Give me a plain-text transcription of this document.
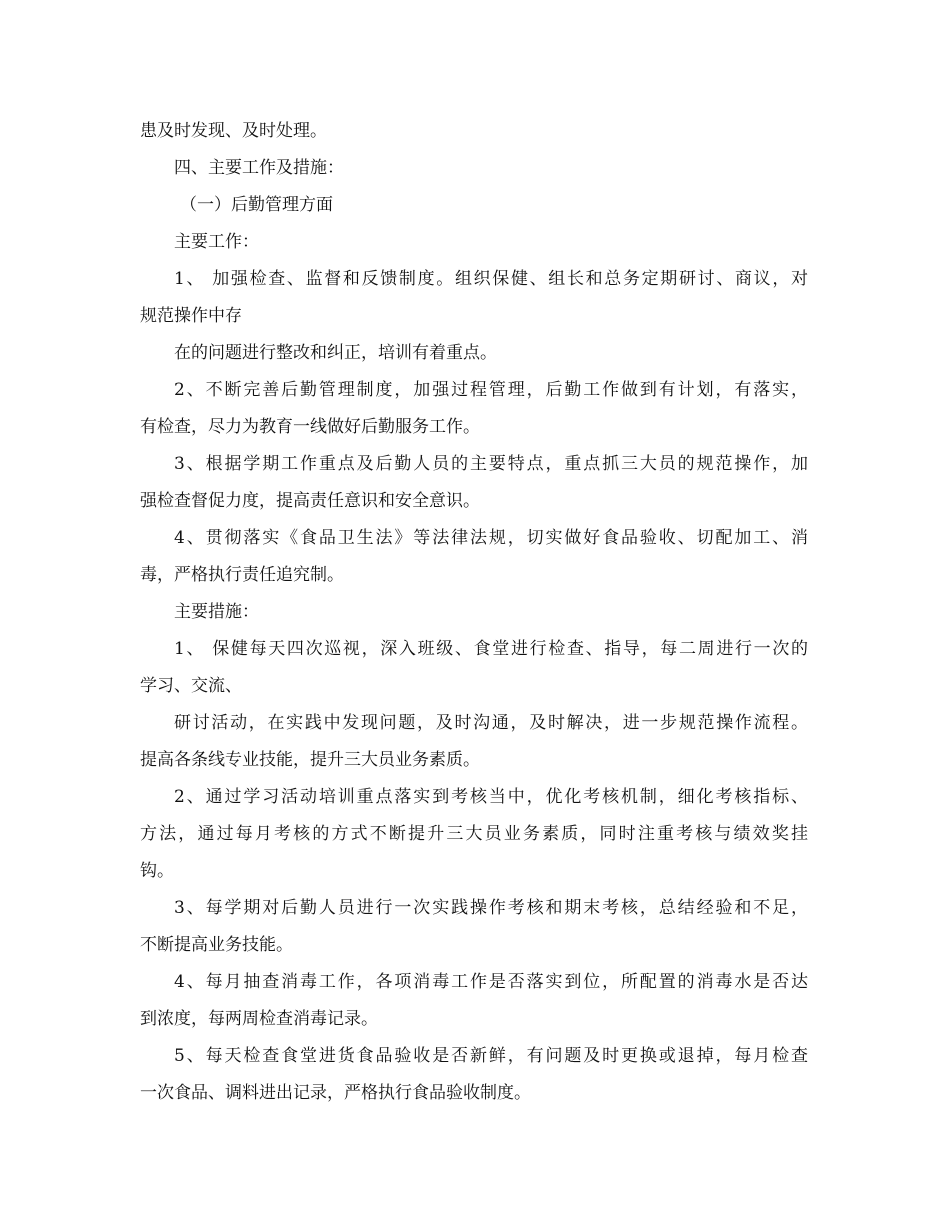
患及时发现、及时处理。
四、主要工作及措施：
（一）后勤管理方面
主要工作：
1、 加强检查、监督和反馈制度。组织保健、组长和总务定期研讨、商议，对
规范操作中存
在的问题进行整改和纠正，培训有着重点。
2、不断完善后勤管理制度，加强过程管理，后勤工作做到有计划，有落实，
有检查，尽力为教育一线做好后勤服务工作。
3、根据学期工作重点及后勤人员的主要特点，重点抓三大员的规范操作，加
强检查督促力度，提高责任意识和安全意识。
4、贯彻落实《食品卫生法》等法律法规，切实做好食品验收、切配加工、消
毒，严格执行责任追究制。
主要措施：
1、 保健每天四次巡视，深入班级、食堂进行检查、指导，每二周进行一次的
学习、交流、
研讨活动，在实践中发现问题，及时沟通，及时解决，进一步规范操作流程。
提高各条线专业技能，提升三大员业务素质。
2、通过学习活动培训重点落实到考核当中，优化考核机制，细化考核指标、
方法，通过每月考核的方式不断提升三大员业务素质，同时注重考核与绩效奖挂
钩。
3、每学期对后勤人员进行一次实践操作考核和期末考核，总结经验和不足，
不断提高业务技能。
4、每月抽查消毒工作，各项消毒工作是否落实到位，所配置的消毒水是否达
到浓度，每两周检查消毒记录。
5、每天检查食堂进货食品验收是否新鲜，有问题及时更换或退掉，每月检查
一次食品、调料进出记录，严格执行食品验收制度。
